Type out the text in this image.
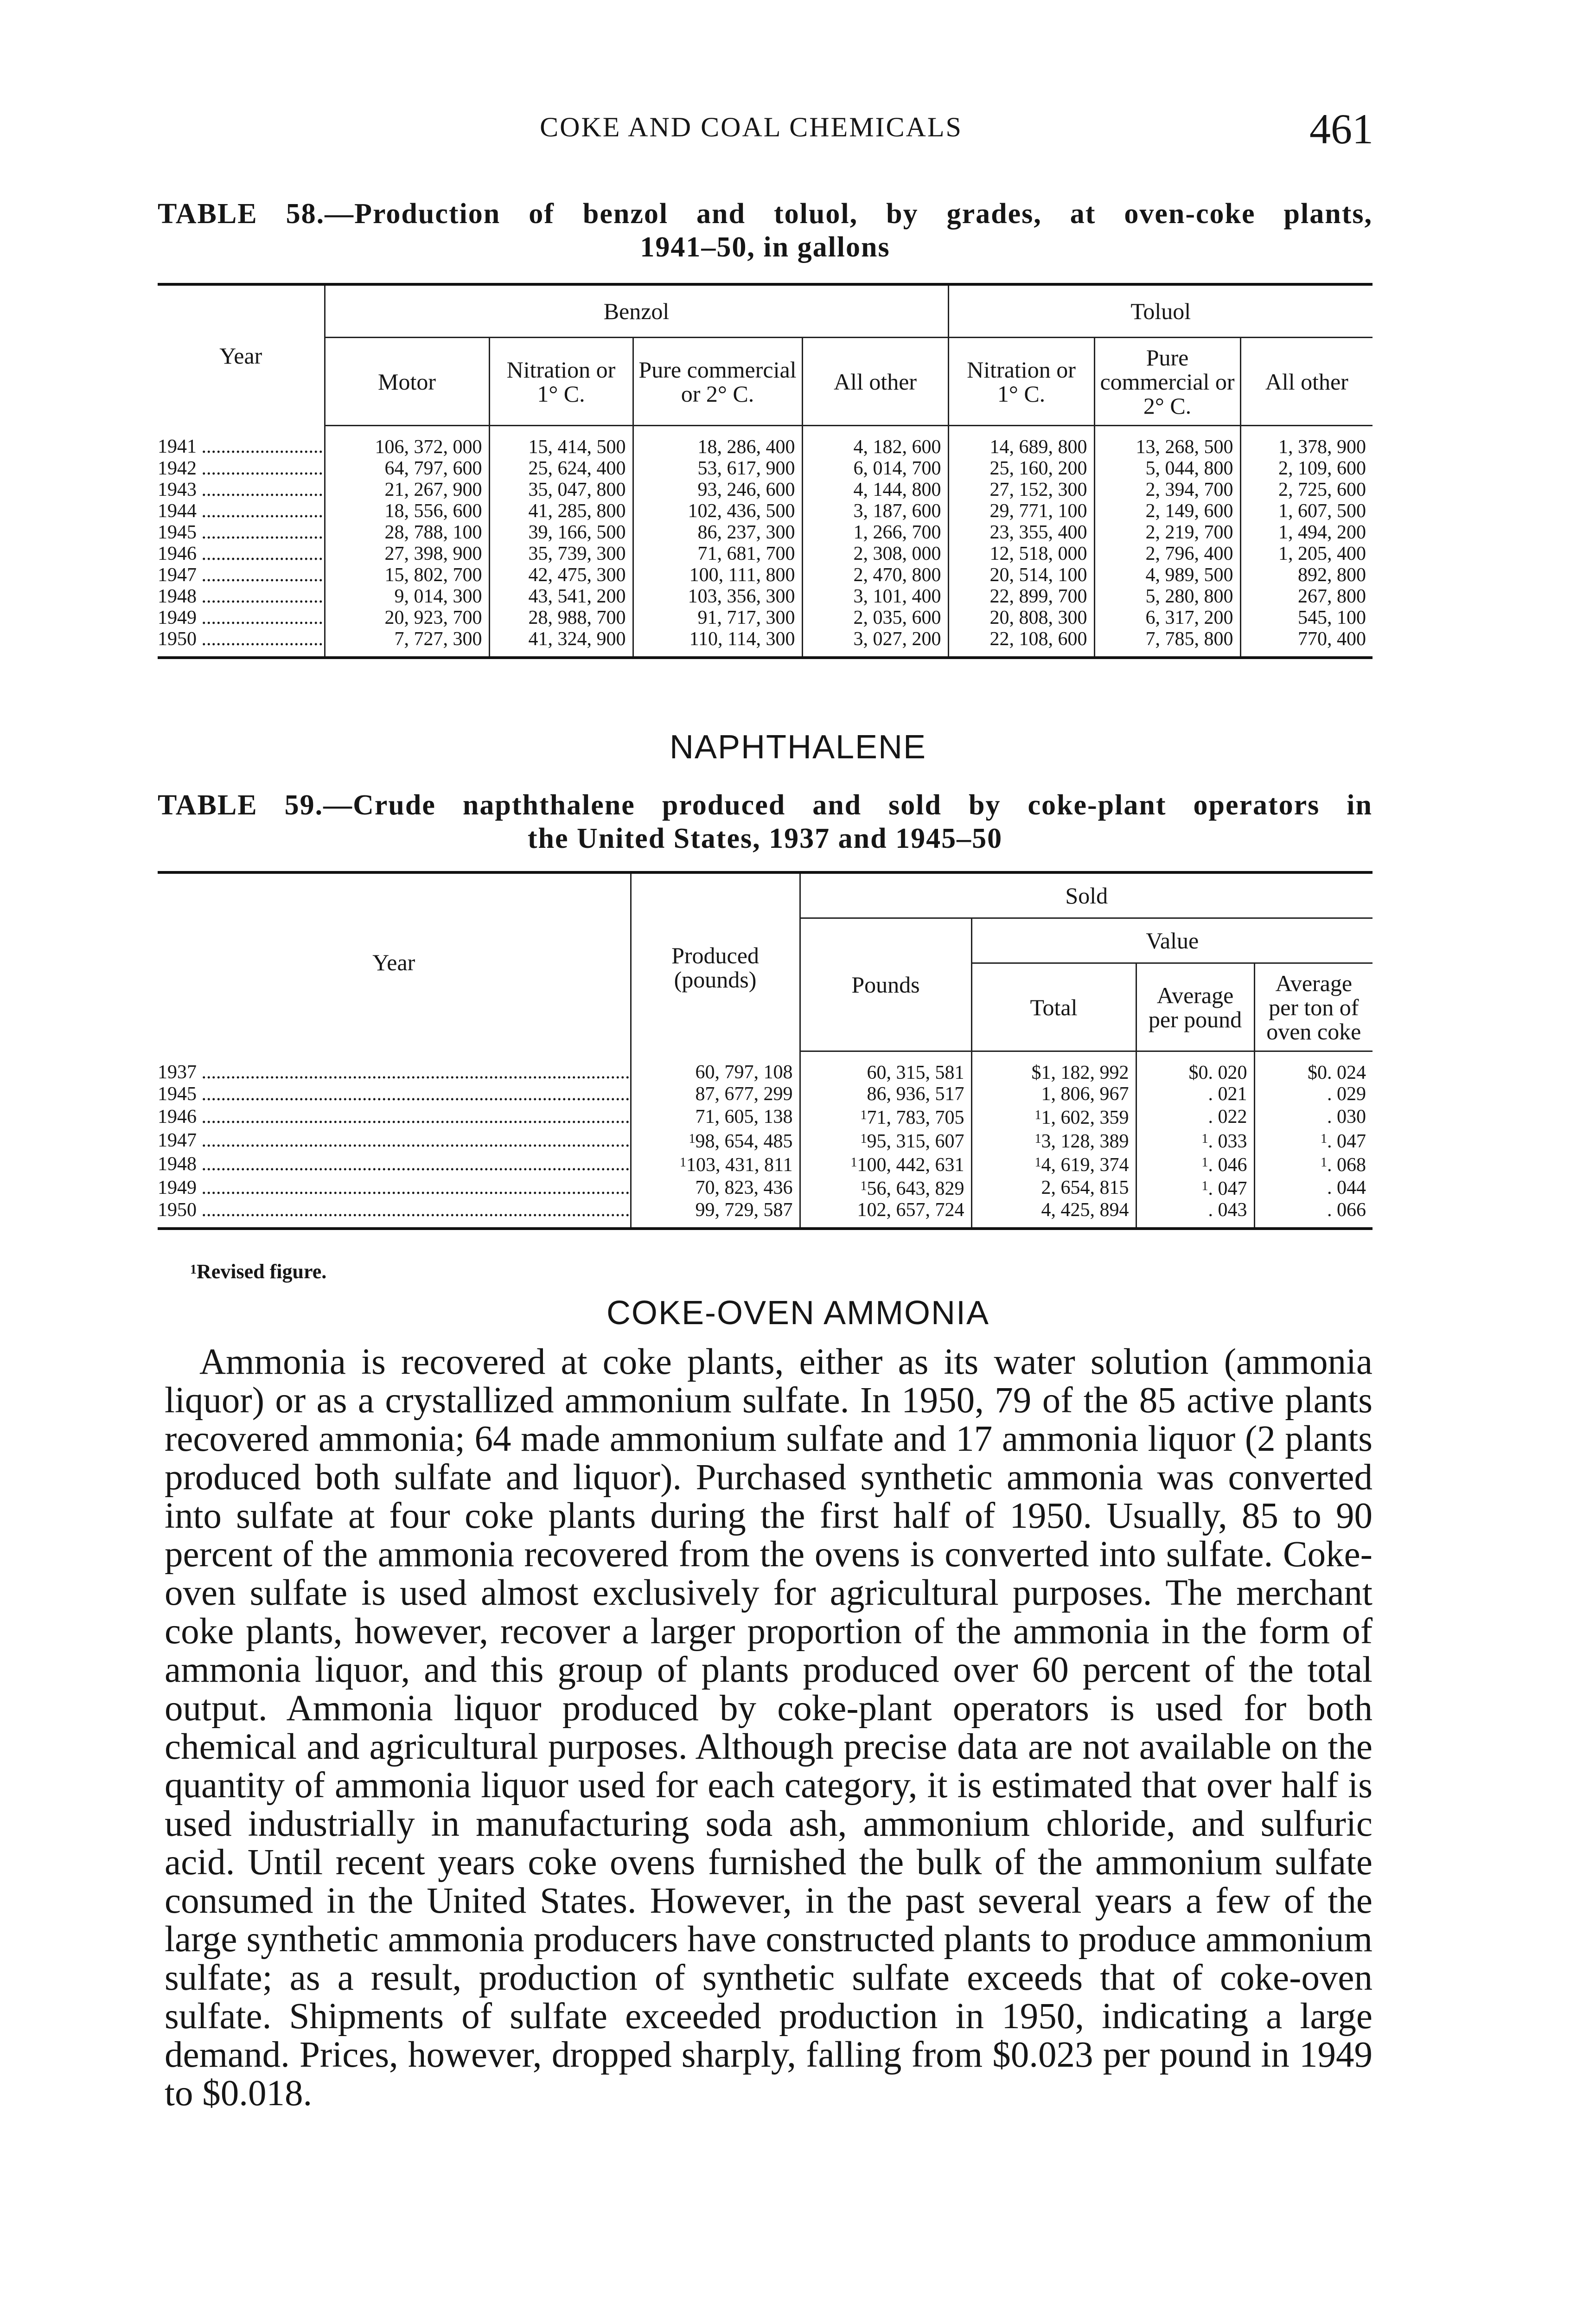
COKE AND COAL CHEMICALS	461
TABLE 58.—Production of benzol and toluol, by grades, at oven-coke plants,
1941–50, in gallons
Year	Benzol				Toluol		
	Motor	Nitration or 1° C.	Pure commercial or 2° C.	All other	Nitration or 1° C.	Pure commercial or 2° C.	All other
1941 .....	106, 372, 000	15, 414, 500	18, 286, 400	4, 182, 600	14, 689, 800	13, 268, 500	1, 378, 900
1942 .....	64, 797, 600	25, 624, 400	53, 617, 900	6, 014, 700	25, 160, 200	5, 044, 800	2, 109, 600
1943 .....	21, 267, 900	35, 047, 800	93, 246, 600	4, 144, 800	27, 152, 300	2, 394, 700	2, 725, 600
1944 .....	18, 556, 600	41, 285, 800	102, 436, 500	3, 187, 600	29, 771, 100	2, 149, 600	1, 607, 500
1945 .....	28, 788, 100	39, 166, 500	86, 237, 300	1, 266, 700	23, 355, 400	2, 219, 700	1, 494, 200
1946 .....	27, 398, 900	35, 739, 300	71, 681, 700	2, 308, 000	12, 518, 000	2, 796, 400	1, 205, 400
1947 .....	15, 802, 700	42, 475, 300	100, 111, 800	2, 470, 800	20, 514, 100	4, 989, 500	892, 800
1948 .....	9, 014, 300	43, 541, 200	103, 356, 300	3, 101, 400	22, 899, 700	5, 280, 800	267, 800
1949 .....	20, 923, 700	28, 988, 700	91, 717, 300	2, 035, 600	20, 808, 300	6, 317, 200	545, 100
1950 .....	7, 727, 300	41, 324, 900	110, 114, 300	3, 027, 200	22, 108, 600	7, 785, 800	770, 400
NAPHTHALENE
TABLE 59.—Crude napththalene produced and sold by coke-plant operators in
the United States, 1937 and 1945–50
Year	Produced (pounds)	Sold			
		Pounds	Value		
			Total	Average per pound	Average per ton of oven coke
1937 .....	60, 797, 108	60, 315, 581	$1, 182, 992	$0. 020	$0. 024
1945 .....	87, 677, 299	86, 936, 517	1, 806, 967	. 021	. 029
1946 .....	71, 605, 138	$^1$71, 783, 705	$^1$1, 602, 359	. 022	. 030
1947 .....	$^1$98, 654, 485	$^1$95, 315, 607	$^1$3, 128, 389	$^1$. 033	$^1$. 047
1948 .....	$^1$103, 431, 811	$^1$100, 442, 631	$^1$4, 619, 374	$^1$. 046	$^1$. 068
1949 .....	70, 823, 436	$^1$56, 643, 829	2, 654, 815	$^1$. 047	. 044
1950 .....	99, 729, 587	102, 657, 724	4, 425, 894	. 043	. 066
$^1$Revised figure.
COKE-OVEN AMMONIA

Ammonia is recovered at coke plants, either as its water solution (ammonia liquor) or as a crystallized ammonium sulfate. In 1950, 79 of the 85 active plants recovered ammonia; 64 made ammonium sulfate and 17 ammonia liquor (2 plants produced both sulfate and liquor). Purchased synthetic ammonia was converted into sulfate at four coke plants during the first half of 1950. Usually, 85 to 90 percent of the ammonia recovered from the ovens is converted into sulfate. Coke-oven sulfate is used almost exclusively for agricultural purposes. The merchant coke plants, however, recover a larger proportion of the ammonia in the form of ammonia liquor, and this group of plants produced over 60 percent of the total output. Ammonia liquor produced by coke-plant operators is used for both chemical and agricultural purposes. Although precise data are not available on the quantity of ammonia liquor used for each category, it is estimated that over half is used industrially in manufacturing soda ash, ammonium chloride, and sulfuric acid. Until recent years coke ovens furnished the bulk of the ammonium sulfate consumed in the United States. However, in the past several years a few of the large synthetic ammonia producers have constructed plants to produce ammonium sulfate; as a result, production of synthetic sulfate exceeds that of coke-oven sulfate. Shipments of sulfate exceeded production in 1950, indicating a large demand. Prices, however, dropped sharply, falling from $0.023 per pound in 1949 to $0.018.
